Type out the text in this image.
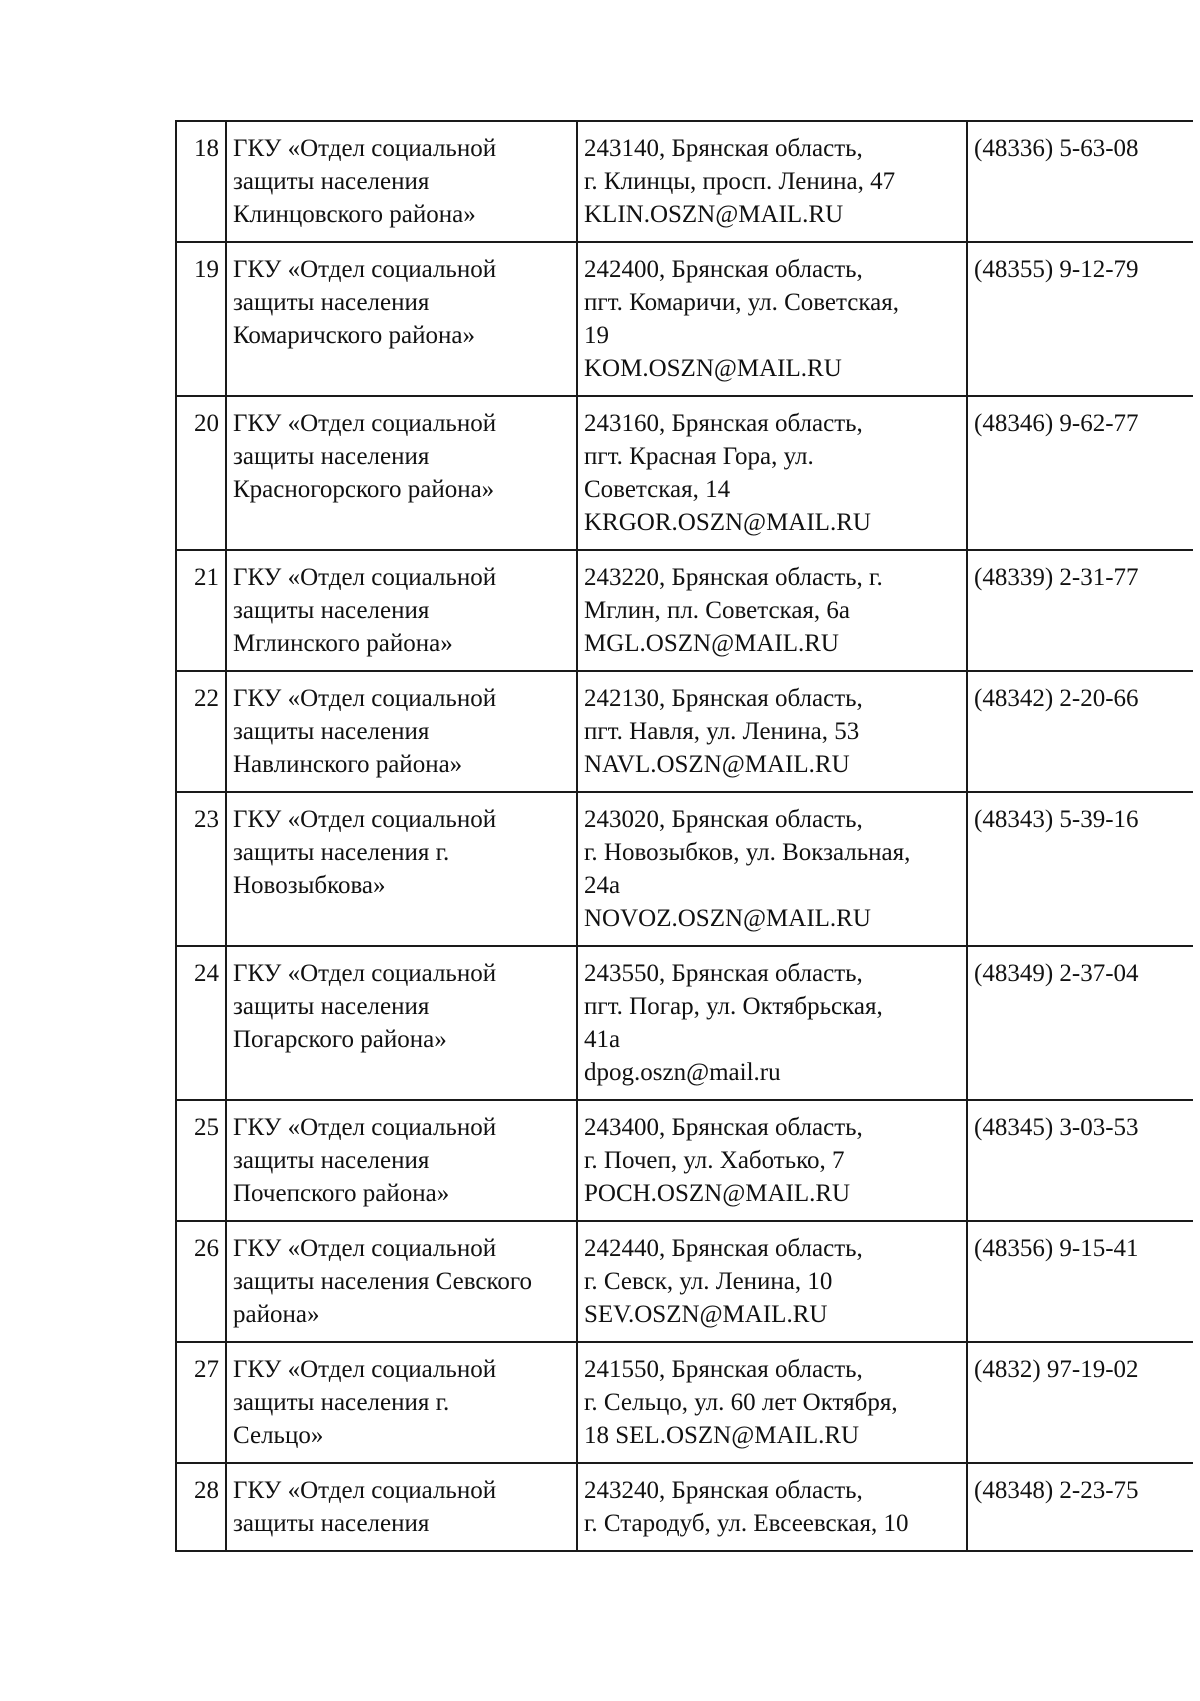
18	ГКУ «Отдел социальной
защиты населения
Клинцовского района»	243140, Брянская область,
г. Клинцы, просп. Ленина, 47
KLIN.OSZN@MAIL.RU	(48336) 5-63-08
19	ГКУ «Отдел социальной
защиты населения
Комаричского района»	242400, Брянская область,
пгт. Комаричи, ул. Советская,
19
KOM.OSZN@MAIL.RU	(48355) 9-12-79
20	ГКУ «Отдел социальной
защиты населения
Красногорского района»	243160, Брянская область,
пгт. Красная Гора, ул.
Советская, 14
KRGOR.OSZN@MAIL.RU	(48346) 9-62-77
21	ГКУ «Отдел социальной
защиты населения
Мглинского района»	243220, Брянская область, г.
Мглин, пл. Советская, 6а
MGL.OSZN@MAIL.RU	(48339) 2-31-77
22	ГКУ «Отдел социальной
защиты населения
Навлинского района»	242130, Брянская область,
пгт. Навля, ул. Ленина, 53
NAVL.OSZN@MAIL.RU	(48342) 2-20-66
23	ГКУ «Отдел социальной
защиты населения г.
Новозыбкова»	243020, Брянская область,
г. Новозыбков, ул. Вокзальная,
24а
NOVOZ.OSZN@MAIL.RU	(48343) 5-39-16
24	ГКУ «Отдел социальной
защиты населения
Погарского района»	243550, Брянская область,
пгт. Погар, ул. Октябрьская,
41а
dpog.oszn@mail.ru	(48349) 2-37-04
25	ГКУ «Отдел социальной
защиты населения
Почепского района»	243400, Брянская область,
г. Почеп, ул. Хаботько, 7
POCH.OSZN@MAIL.RU	(48345) 3-03-53
26	ГКУ «Отдел социальной
защиты населения Севского
района»	242440, Брянская область,
г. Севск, ул. Ленина, 10
SEV.OSZN@MAIL.RU	(48356) 9-15-41
27	ГКУ «Отдел социальной
защиты населения г.
Сельцо»	241550, Брянская область,
г. Сельцо, ул. 60 лет Октября,
18 SEL.OSZN@MAIL.RU	(4832) 97-19-02
28	ГКУ «Отдел социальной
защиты населения	243240, Брянская область,
г. Стародуб, ул. Евсеевская, 10	(48348) 2-23-75
